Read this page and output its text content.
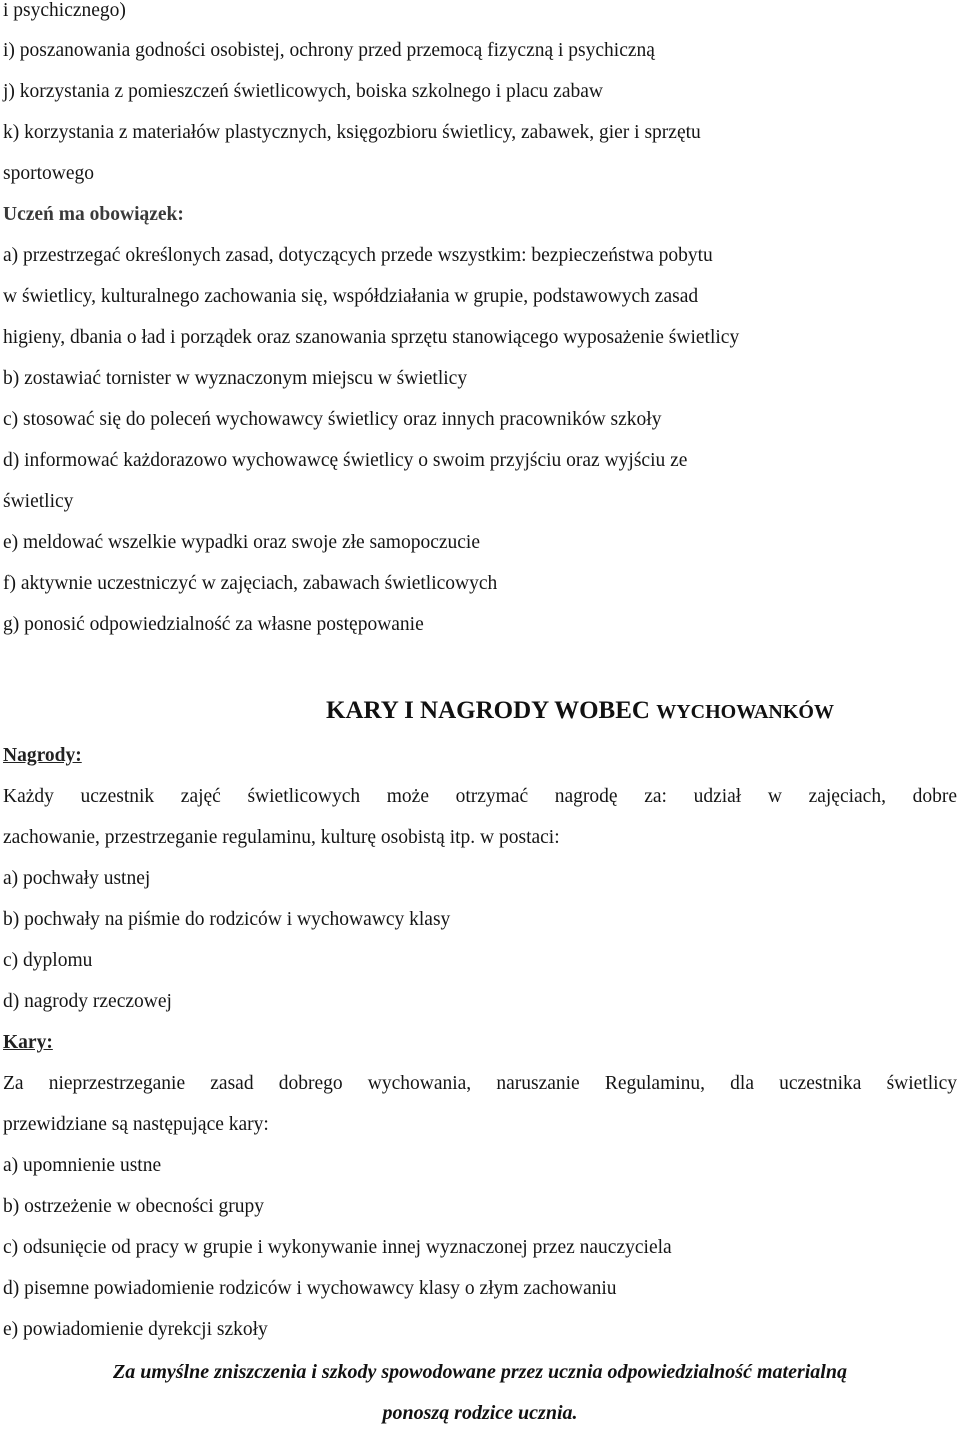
i psychicznego)
i) poszanowania godności osobistej, ochrony przed przemocą fizyczną i psychiczną
j) korzystania z pomieszczeń świetlicowych, boiska szkolnego i placu zabaw
k) korzystania z materiałów plastycznych, księgozbioru świetlicy, zabawek, gier i sprzętu
sportowego
Uczeń ma obowiązek:
a) przestrzegać określonych zasad, dotyczących przede wszystkim: bezpieczeństwa pobytu
w świetlicy, kulturalnego zachowania się, współdziałania w grupie, podstawowych zasad
higieny, dbania o ład i porządek oraz szanowania sprzętu stanowiącego wyposażenie świetlicy
b) zostawiać tornister w wyznaczonym miejscu w świetlicy
c) stosować się do poleceń wychowawcy świetlicy oraz innych pracowników szkoły
d) informować każdorazowo wychowawcę świetlicy o swoim przyjściu oraz wyjściu ze
świetlicy
e) meldować wszelkie wypadki oraz swoje złe samopoczucie
f) aktywnie uczestniczyć w zajęciach, zabawach świetlicowych
g) ponosić odpowiedzialność za własne postępowanie
KARY I NAGRODY WOBEC WYCHOWANKÓW
Nagrody:
Każdy uczestnik zajęć świetlicowych może otrzymać nagrodę za: udział w zajęciach, dobre
zachowanie, przestrzeganie regulaminu, kulturę osobistą itp. w postaci:
a) pochwały ustnej
b) pochwały na piśmie do rodziców i wychowawcy klasy
c) dyplomu
d) nagrody rzeczowej
Kary:
Za nieprzestrzeganie zasad dobrego wychowania, naruszanie Regulaminu, dla uczestnika świetlicy
przewidziane są następujące kary:
a) upomnienie ustne
b) ostrzeżenie w obecności grupy
c) odsunięcie od pracy w grupie i wykonywanie innej wyznaczonej przez nauczyciela
d) pisemne powiadomienie rodziców i wychowawcy klasy o złym zachowaniu
e) powiadomienie dyrekcji szkoły
Za umyślne zniszczenia i szkody spowodowane przez ucznia odpowiedzialność materialną
ponoszą rodzice ucznia.
